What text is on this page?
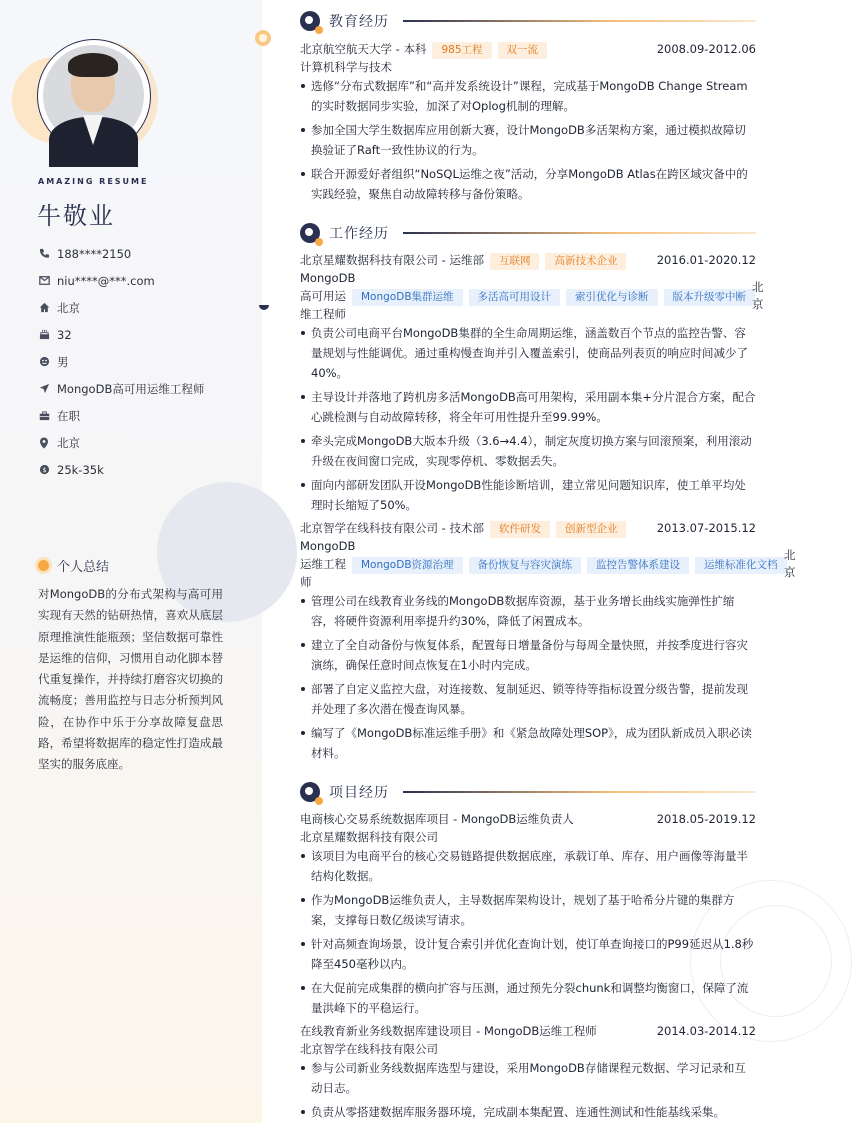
AMAZING RESUME
牛敬业
188****2150
niu****@***.com
北京
32
男
MongoDB高可用运维工程师
在职
北京
$ 25k-35k
个人总结
对MongoDB的分布式架构与高可用实现有天然的钻研热情，喜欢从底层原理推演性能瓶颈；坚信数据可靠性是运维的信仰，习惯用自动化脚本替代重复操作，并持续打磨容灾切换的流畅度；善用监控与日志分析预判风险，在协作中乐于分享故障复盘思路，希望将数据库的稳定性打造成最坚实的服务底座。
教育经历
北京航空航天大学 - 本科 985工程 双一流	2008.09-2012.06
计算机科学与技术
选修“分布式数据库”和“高并发系统设计”课程，完成基于MongoDB Change Stream的实时数据同步实验，加深了对Oplog机制的理解。
参加全国大学生数据库应用创新大赛，设计MongoDB多活架构方案，通过模拟故障切换验证了Raft一致性协议的行为。
联合开源爱好者组织“NoSQL运维之夜”活动，分享MongoDB Atlas在跨区域灾备中的实践经验，聚焦自动故障转移与备份策略。
工作经历
北京星耀数据科技有限公司 - 运维部 互联网 高新技术企业	2016.01-2020.12
MongoDB
高可用运 MongoDB集群运维 多活高可用设计 索引优化与诊断 版本升级零中断
北京
维工程师
负责公司电商平台MongoDB集群的全生命周期运维，涵盖数百个节点的监控告警、容量规划与性能调优。通过重构慢查询并引入覆盖索引，使商品列表页的响应时间减少了40%。
主导设计并落地了跨机房多活MongoDB高可用架构，采用副本集+分片混合方案，配合心跳检测与自动故障转移，将全年可用性提升至99.99%。
牵头完成MongoDB大版本升级（3.6→4.4），制定灰度切换方案与回滚预案，利用滚动升级在夜间窗口完成，实现零停机、零数据丢失。
面向内部研发团队开设MongoDB性能诊断培训，建立常见问题知识库，使工单平均处理时长缩短了50%。
北京智学在线科技有限公司 - 技术部 软件研发 创新型企业	2013.07-2015.12
MongoDB
运维工程 MongoDB资源治理 备份恢复与容灾演练 监控告警体系建设 运维标准化文档
北京
师
管理公司在线教育业务线的MongoDB数据库资源，基于业务增长曲线实施弹性扩缩容，将硬件资源利用率提升约30%，降低了闲置成本。
建立了全自动备份与恢复体系，配置每日增量备份与每周全量快照，并按季度进行容灾演练，确保任意时间点恢复在1小时内完成。
部署了自定义监控大盘，对连接数、复制延迟、锁等待等指标设置分级告警，提前发现并处理了多次潜在慢查询风暴。
编写了《MongoDB标准运维手册》和《紧急故障处理SOP》，成为团队新成员入职必读材料。
项目经历
电商核心交易系统数据库项目 - MongoDB运维负责人	2018.05-2019.12
北京星耀数据科技有限公司
该项目为电商平台的核心交易链路提供数据底座，承载订单、库存、用户画像等海量半结构化数据。
作为MongoDB运维负责人，主导数据库架构设计，规划了基于哈希分片键的集群方案，支撑每日数亿级读写请求。
针对高频查询场景，设计复合索引并优化查询计划，使订单查询接口的P99延迟从1.8秒降至450毫秒以内。
在大促前完成集群的横向扩容与压测，通过预先分裂chunk和调整均衡窗口，保障了流量洪峰下的平稳运行。
在线教育新业务线数据库建设项目 - MongoDB运维工程师	2014.03-2014.12
北京智学在线科技有限公司
参与公司新业务线数据库选型与建设，采用MongoDB存储课程元数据、学习记录和互动日志。
负责从零搭建数据库服务器环境，完成副本集配置、连通性测试和性能基线采集。
